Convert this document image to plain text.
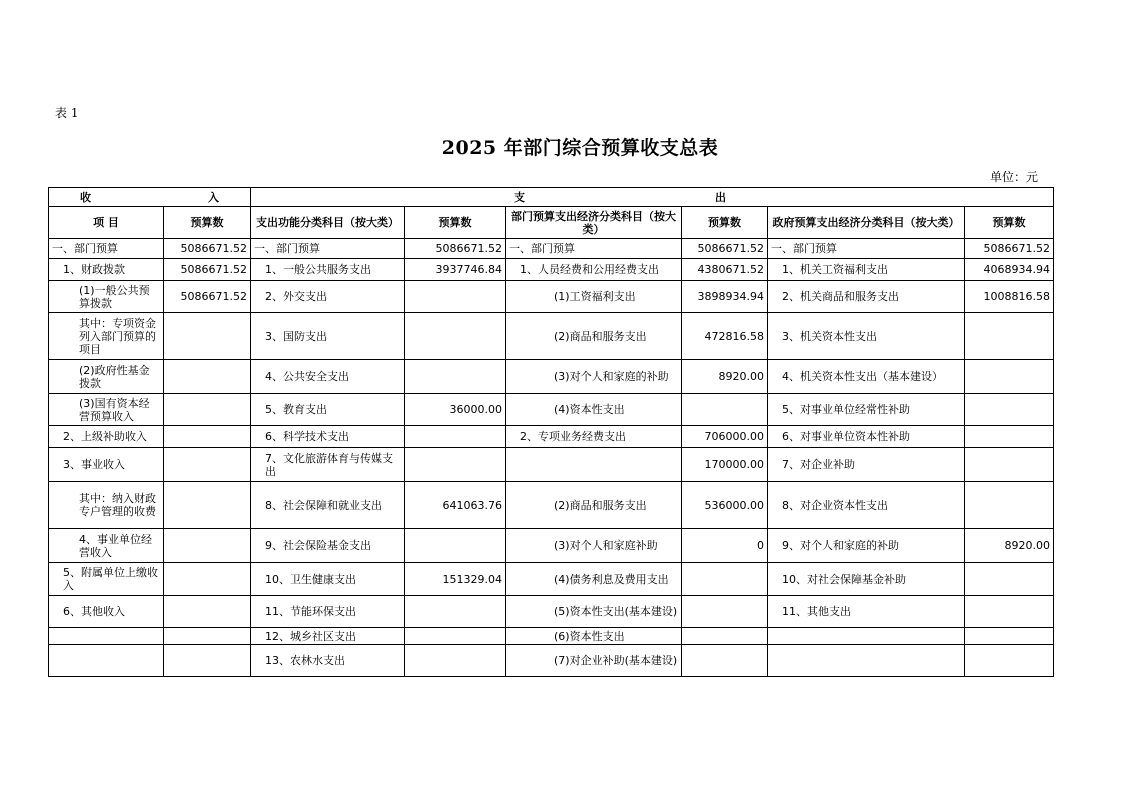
表 1
2025 年部门综合预算收支总表
单位：元
收 入		支 出					

项 目	预算数	支出功能分类科目（按大类）	预算数	部门预算支出经济分类科目（按大类）	预算数	政府预算支出经济分类科目（按大类）	预算数
一、部门预算	5086671.52	一、部门预算	5086671.52	一、部门预算	5086671.52	一、部门预算	5086671.52
1、财政拨款	5086671.52	1、一般公共服务支出	3937746.84	1、人员经费和公用经费支出	4380671.52	1、机关工资福利支出	4068934.94
(1)一般公共预算拨款	5086671.52	2、外交支出		(1)工资福利支出	3898934.94	2、机关商品和服务支出	1008816.58
其中：专项资金列入部门预算的项目		3、国防支出		(2)商品和服务支出	472816.58	3、机关资本性支出	
(2)政府性基金拨款		4、公共安全支出		(3)对个人和家庭的补助	8920.00	4、机关资本性支出（基本建设）	
(3)国有资本经营预算收入		5、教育支出	36000.00	(4)资本性支出		5、对事业单位经常性补助	
2、上级补助收入		6、科学技术支出		2、专项业务经费支出	706000.00	6、对事业单位资本性补助	
3、事业收入		7、文化旅游体育与传媒支出			170000.00	7、对企业补助	
其中：纳入财政专户管理的收费		8、社会保障和就业支出	641063.76	(2)商品和服务支出	536000.00	8、对企业资本性支出	
4、事业单位经营收入		9、社会保险基金支出		(3)对个人和家庭补助	0	9、对个人和家庭的补助	8920.00
5、附属单位上缴收入		10、卫生健康支出	151329.04	(4)债务利息及费用支出		10、对社会保障基金补助	
6、其他收入		11、节能环保支出		(5)资本性支出(基本建设)		11、其他支出	
		12、城乡社区支出		(6)资本性支出			
		13、农林水支出		(7)对企业补助(基本建设)			
